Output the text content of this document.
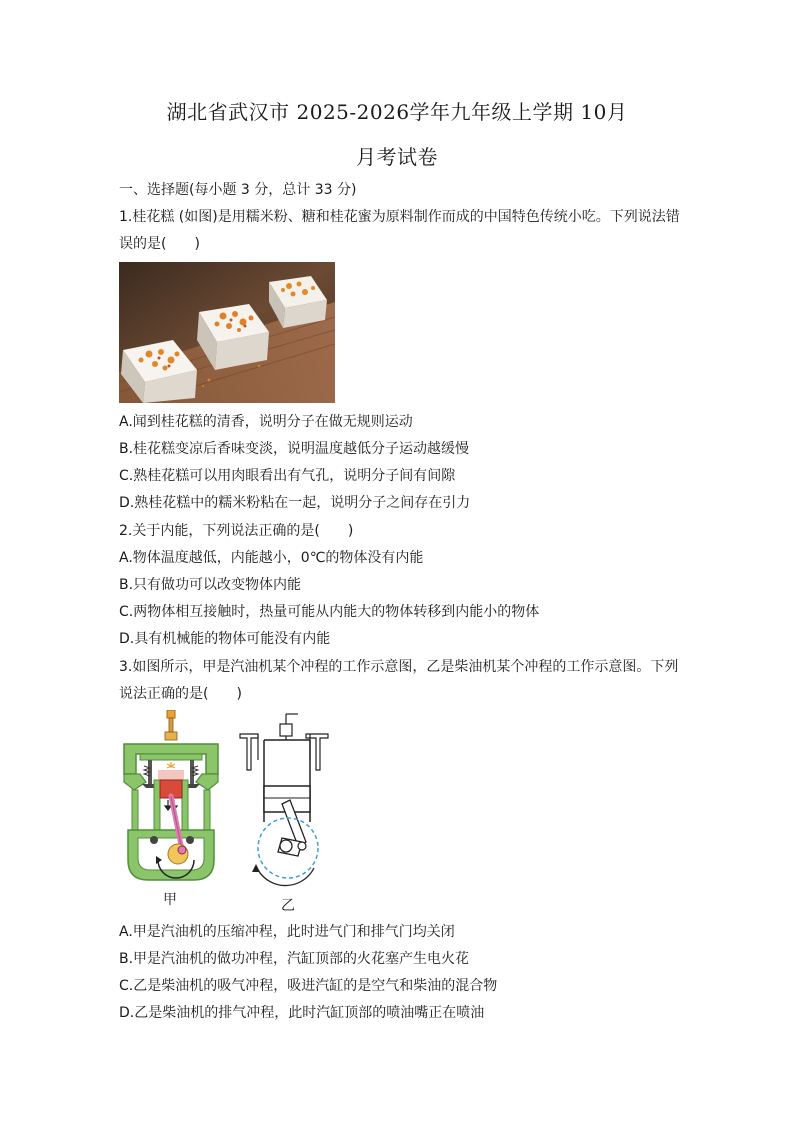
湖北省武汉市 2025-2026学年九年级上学期 10月
月考试卷
一、选择题(每小题 3 分，总计 33 分)
1.桂花糕 (如图)是用糯米粉、糖和桂花蜜为原料制作而成的中国特色传统小吃。下列说法错
误的是(　　)
A.闻到桂花糕的清香，说明分子在做无规则运动
B.桂花糕变凉后香味变淡，说明温度越低分子运动越缓慢
C.熟桂花糕可以用肉眼看出有气孔，说明分子间有间隙
D.熟桂花糕中的糯米粉粘在一起，说明分子之间存在引力
2.关于内能，下列说法正确的是(　　)
A.物体温度越低，内能越小，0℃的物体没有内能
B.只有做功可以改变物体内能
C.两物体相互接触时，热量可能从内能大的物体转移到内能小的物体
D.具有机械能的物体可能没有内能
3.如图所示，甲是汽油机某个冲程的工作示意图，乙是柴油机某个冲程的工作示意图。下列
说法正确的是(　　)
甲	乙
A.甲是汽油机的压缩冲程，此时进气门和排气门均关闭
B.甲是汽油机的做功冲程，汽缸顶部的火花塞产生电火花
C.乙是柴油机的吸气冲程，吸进汽缸的是空气和柴油的混合物
D.乙是柴油机的排气冲程，此时汽缸顶部的喷油嘴正在喷油
